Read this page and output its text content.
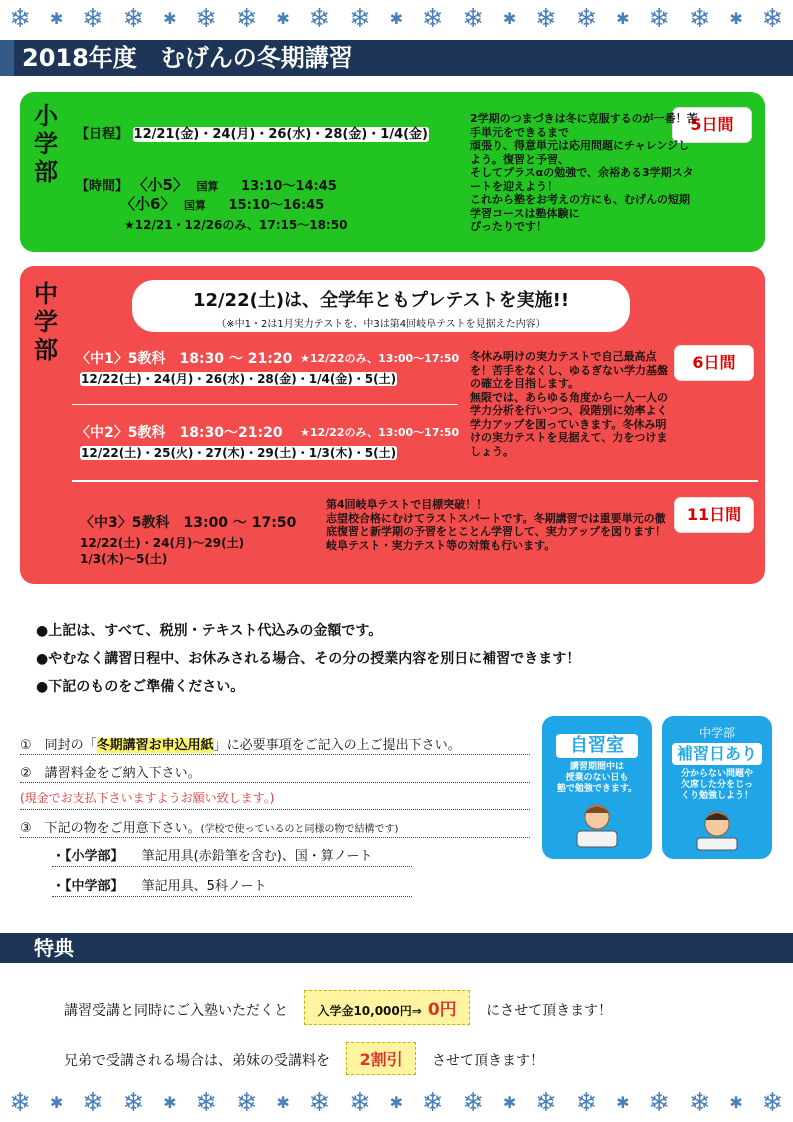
❄ ✱ ❄ ❄ ✱ ❄ ❄ ✱ ❄ ❄ ✱ ❄ ❄ ✱ ❄ ❄ ✱ ❄ ❄ ✱ ❄
2018年度　むげんの冬期講習
小
学
部
5日間
【日程】 12/21(金)・24(月)・26(水)・28(金)・1/4(金)
【時間】 〈小5〉 国算 13:10〜14:45
〈小6〉 国算 15:10〜16:45
★12/21・12/26のみ、17:15〜18:50
2学期のつまづきは冬に克服するのが一番！苦手単元をできるまで
頑張り、得意単元は応用問題にチャレンジしよう。復習と予習、
そしてプラスαの勉強で、余裕ある3学期スタートを迎えよう！
これから塾をお考えの方にも、むげんの短期学習コースは塾体験に
ぴったりです！
中
学
部
12/22(土)は、全学年ともプレテストを実施!!
（※中1・2は1月実力テストを、中3は第4回岐阜テストを見据えた内容）
〈中1〉5教科　18:30 〜 21:20 ★12/22のみ、13:00〜17:50
12/22(土)・24(月)・26(水)・28(金)・1/4(金)・5(土)
〈中2〉5教科　18:30〜21:20 ★12/22のみ、13:00〜17:50
12/22(土)・25(火)・27(木)・29(土)・1/3(木)・5(土)
6日間
冬休み明けの実力テストで自己最高点を！苦手をなくし、ゆるぎない学力基盤の確立を目指します。
無限では、あらゆる角度から一人一人の学力分析を行いつつ、段階別に効率よく学力アップを図っていきます。冬休み明けの実力テストを見据えて、力をつけましょう。
〈中3〉5教科　13:00 〜 17:50
12/22(土)・24(月)〜29(土)
1/3(木)〜5(土)
11日間
第4回岐阜テストで目標突破！！
志望校合格にむけてラストスパートです。冬期講習では重要単元の徹底復習と新学期の予習をとことん学習して、実力アップを図ります！岐阜テスト・実力テスト等の対策も行います。
●上記は、すべて、税別・テキスト代込みの金額です。
●やむなく講習日程中、お休みされる場合、その分の授業内容を別日に補習できます！
●下記のものをご準備ください。
①　同封の「冬期講習お申込用紙」に必要事項をご記入の上ご提出下さい。
②　講習料金をご納入下さい。
(現金でお支払下さいますようお願い致します。)
③　下記の物をご用意下さい。(学校で使っているのと同様の物で結構です)
・【小学部】 筆記用具(赤鉛筆を含む)、国・算ノート
・【中学部】 筆記用具、5科ノート
自習室
講習期間中は
授業のない日も
塾で勉強できます。
中学部
補習日あり
分からない問題や
欠席した分をじっ
くり勉強しよう！
特典
講習受講と同時にご入塾いただくと 入学金10,000円⇒ 0円 にさせて頂きます！
兄弟で受講される場合は、弟妹の受講料を 2割引 させて頂きます！
❄ ✱ ❄ ❄ ✱ ❄ ❄ ✱ ❄ ❄ ✱ ❄ ❄ ✱ ❄ ❄ ✱ ❄ ❄ ✱ ❄
